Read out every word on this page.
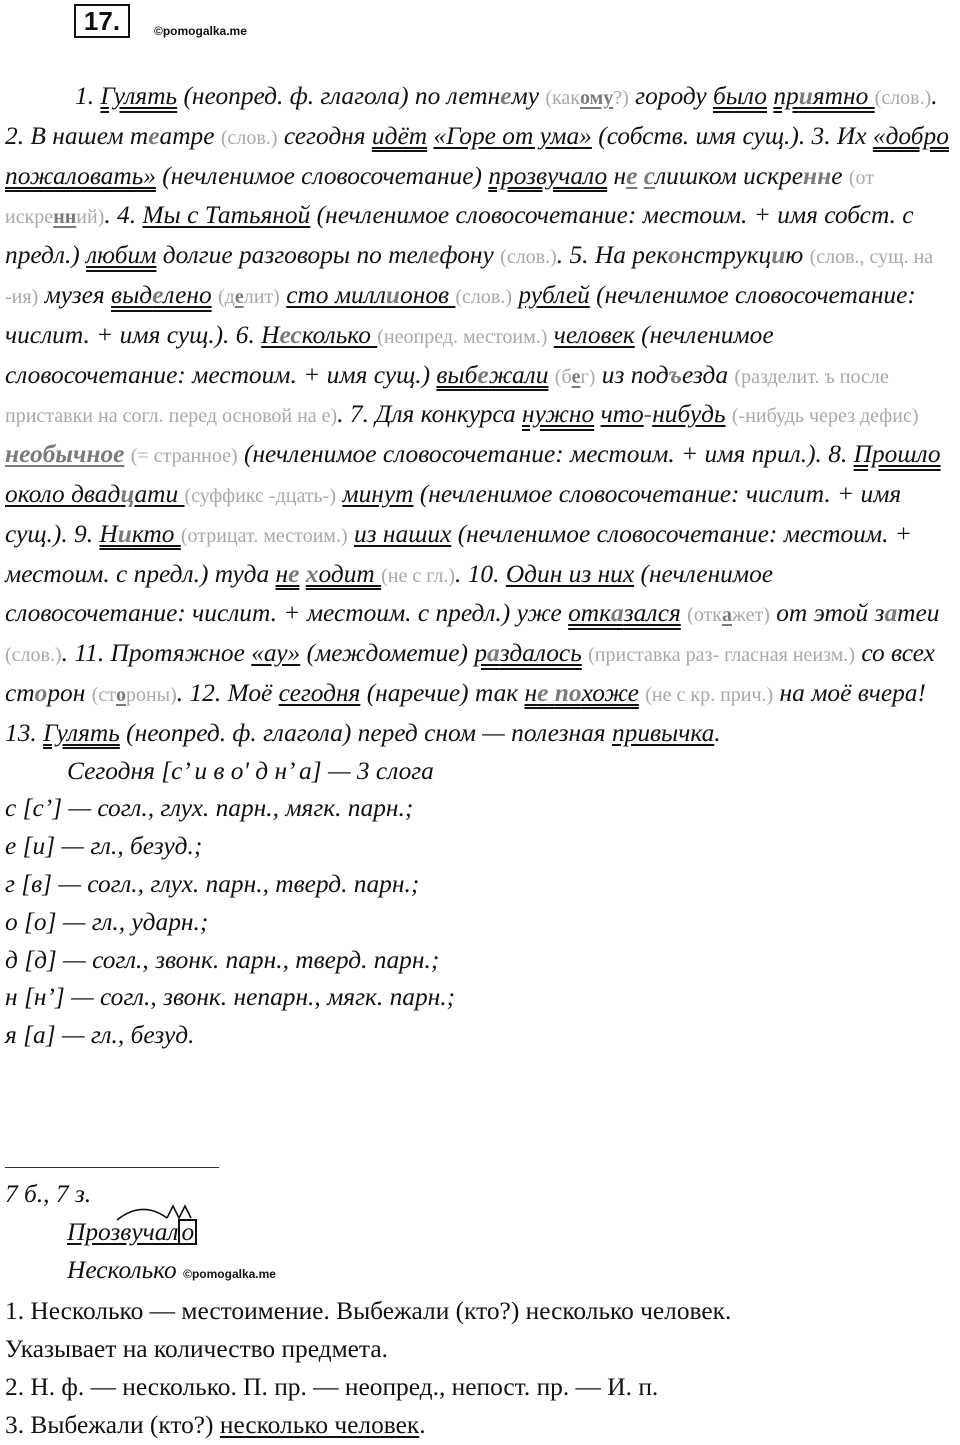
17.	©pomogalka.me

1. Гулять (неопред. ф. глагола) по летнему (какому?) городу было приятно (слов.). 2. В нашем театре (слов.) сегодня идёт «Горе от ума» (собств. имя сущ.). 3. Их «добро пожаловать» (нечленимое словосочетание) прозвучало не слишком искренне (от искренний). 4. Мы с Татьяной (нечленимое словосочетание: местоим. + имя собст. с предл.) любим долгие разговоры по телефону (слов.). 5. На реконструкцию (слов., сущ. на -ия) музея выделено (делит) сто миллионов (слов.) рублей (нечленимое словосочетание: числит. + имя сущ.). 6. Несколько (неопред. местоим.) человек (нечленимое словосочетание: местоим. + имя сущ.) выбежали (бег) из подъезда (разделит. ъ после приставки на согл. перед основой на е). 7. Для конкурса нужно что-нибудь (-нибудь через дефис) необычное (= странное) (нечленимое словосочетание: местоим. + имя прил.). 8. Прошло около двадцати (суффикс -дцать-) минут (нечленимое словосочетание: числит. + имя сущ.). 9. Никто (отрицат. местоим.) из наших (нечленимое словосочетание: местоим. + местоим. с предл.) туда не ходит (не с гл.). 10. Один из них (нечленимое словосочетание: числит. + местоим. с предл.) уже отказался (откажет) от этой затеи (слов.). 11. Протяжное «ау» (междометие) раздалось (приставка раз- гласная неизм.) со всех сторон (стороны). 12. Моё сегодня (наречие) так не похоже (не с кр. прич.) на моё вчера! 13. Гулять (неопред. ф. глагола) перед сном — полезная привычка.

Сегодня [с’ и в о' д н’ а] — 3 слога

с [с’] — согл., глух. парн., мягк. парн.;

е [и] — гл., безуд.;

г [в] — согл., глух. парн., тверд. парн.;

о [о] — гл., ударн.;

д [д] — согл., звонк. парн., тверд. парн.;

н [н’] — согл., звонк. непарн., мягк. парн.;

я [а] — гл., безуд.

7 б., 7 з.

Прозвучал о

Несколько ©pomogalka.me

1. Несколько — местоимение. Выбежали (кто?) несколько человек.

Указывает на количество предмета.

2. Н. ф. — несколько. П. пр. — неопред., непост. пр. — И. п.

3. Выбежали (кто?) несколько человек.
